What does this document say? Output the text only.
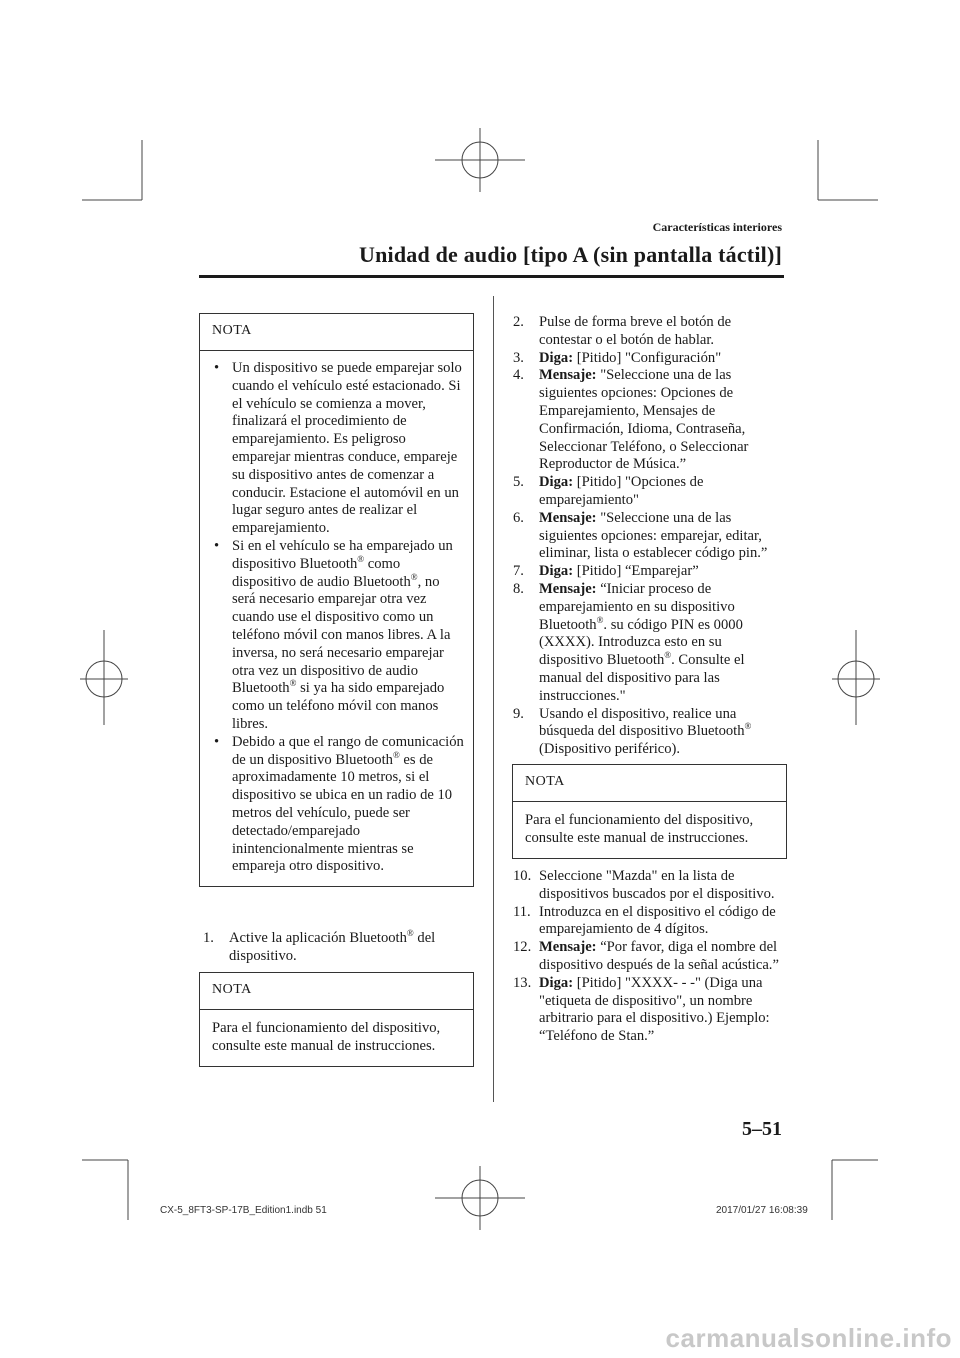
Características interiores
Unidad de audio [tipo A (sin pantalla táctil)]
NOTA
• Un dispositivo se puede emparejar solo cuando el vehículo esté estacionado. Si el vehículo se comienza a mover, finalizará el procedimiento de emparejamiento. Es peligroso emparejar mientras conduce, empareje su dispositivo antes de comenzar a conducir. Estacione el automóvil en un lugar seguro antes de realizar el emparejamiento.
• Si en el vehículo se ha emparejado un dispositivo Bluetooth® como dispositivo de audio Bluetooth®, no será necesario emparejar otra vez cuando use el dispositivo como un teléfono móvil con manos libres. A la inversa, no será necesario emparejar otra vez un dispositivo de audio Bluetooth® si ya ha sido emparejado como un teléfono móvil con manos libres.
• Debido a que el rango de comunicación de un dispositivo Bluetooth® es de aproximadamente 10 metros, si el dispositivo se ubica en un radio de 10 metros del vehículo, puede ser detectado/emparejado inintencionalmente mientras se empareja otro dispositivo.
1. Active la aplicación Bluetooth® del dispositivo.
NOTA
Para el funcionamiento del dispositivo, consulte este manual de instrucciones.
2. Pulse de forma breve el botón de contestar o el botón de hablar.
3. Diga: [Pitido] "Configuración"
4. Mensaje: "Seleccione una de las siguientes opciones: Opciones de Emparejamiento, Mensajes de Confirmación, Idioma, Contraseña, Seleccionar Teléfono, o Seleccionar Reproductor de Música.”
5. Diga: [Pitido] "Opciones de emparejamiento"
6. Mensaje: "Seleccione una de las siguientes opciones: emparejar, editar, eliminar, lista o establecer código pin.”
7. Diga: [Pitido] “Emparejar”
8. Mensaje: “Iniciar proceso de emparejamiento en su dispositivo Bluetooth®. su código PIN es 0000 (XXXX). Introduzca esto en su dispositivo Bluetooth®. Consulte el manual del dispositivo para las instrucciones."
9. Usando el dispositivo, realice una búsqueda del dispositivo Bluetooth® (Dispositivo periférico).
NOTA
Para el funcionamiento del dispositivo, consulte este manual de instrucciones.
10. Seleccione "Mazda" en la lista de dispositivos buscados por el dispositivo.
11. Introduzca en el dispositivo el código de emparejamiento de 4 dígitos.
12. Mensaje: “Por favor, diga el nombre del dispositivo después de la señal acústica.”
13. Diga: [Pitido] "XXXX- - -" (Diga una "etiqueta de dispositivo", un nombre arbitrario para el dispositivo.) Ejemplo: “Teléfono de Stan.”
5–51
CX-5_8FT3-SP-17B_Edition1.indb 51	2017/01/27 16:08:39
carmanualsonline.info
